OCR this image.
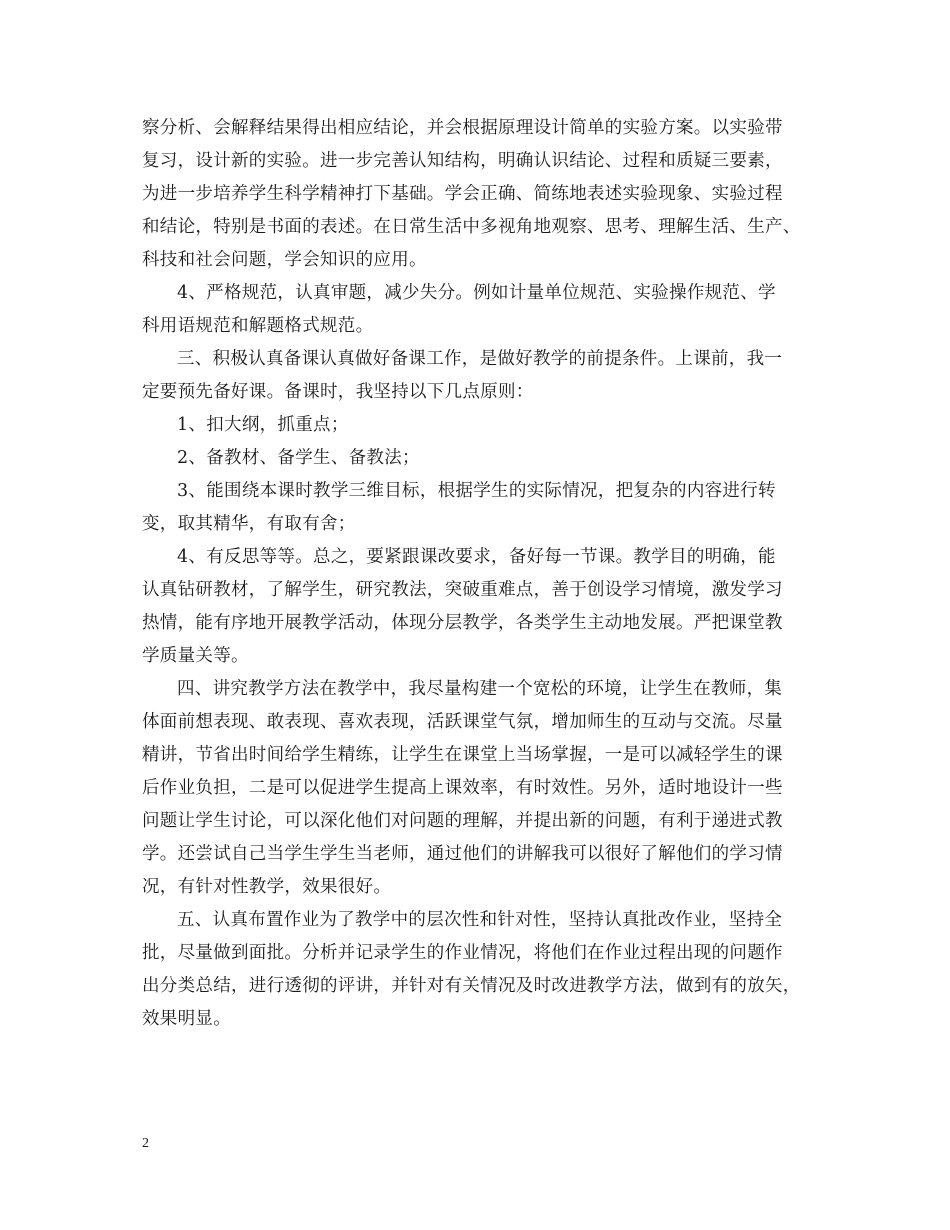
察分析、会解释结果得出相应结论，并会根据原理设计简单的实验方案。以实验带
复习，设计新的实验。进一步完善认知结构，明确认识结论、过程和质疑三要素，
为进一步培养学生科学精神打下基础。学会正确、简练地表述实验现象、实验过程
和结论，特别是书面的表述。在日常生活中多视角地观察、思考、理解生活、生产、
科技和社会问题，学会知识的应用。
4、严格规范，认真审题，减少失分。例如计量单位规范、实验操作规范、学
科用语规范和解题格式规范。
三、积极认真备课认真做好备课工作，是做好教学的前提条件。上课前，我一
定要预先备好课。备课时，我坚持以下几点原则：
1、扣大纲，抓重点；
2、备教材、备学生、备教法；
3、能围绕本课时教学三维目标，根据学生的实际情况，把复杂的内容进行转
变，取其精华，有取有舍；
4、有反思等等。总之，要紧跟课改要求，备好每一节课。教学目的明确，能
认真钻研教材，了解学生，研究教法，突破重难点，善于创设学习情境，激发学习
热情，能有序地开展教学活动，体现分层教学，各类学生主动地发展。严把课堂教
学质量关等。
四、讲究教学方法在教学中，我尽量构建一个宽松的环境，让学生在教师，集
体面前想表现、敢表现、喜欢表现，活跃课堂气氛，增加师生的互动与交流。尽量
精讲，节省出时间给学生精练，让学生在课堂上当场掌握，一是可以减轻学生的课
后作业负担，二是可以促进学生提高上课效率，有时效性。另外，适时地设计一些
问题让学生讨论，可以深化他们对问题的理解，并提出新的问题，有利于递进式教
学。还尝试自己当学生学生当老师，通过他们的讲解我可以很好了解他们的学习情
况，有针对性教学，效果很好。
五、认真布置作业为了教学中的层次性和针对性，坚持认真批改作业，坚持全
批，尽量做到面批。分析并记录学生的作业情况，将他们在作业过程出现的问题作
出分类总结，进行透彻的评讲，并针对有关情况及时改进教学方法，做到有的放矢，
效果明显。
2
